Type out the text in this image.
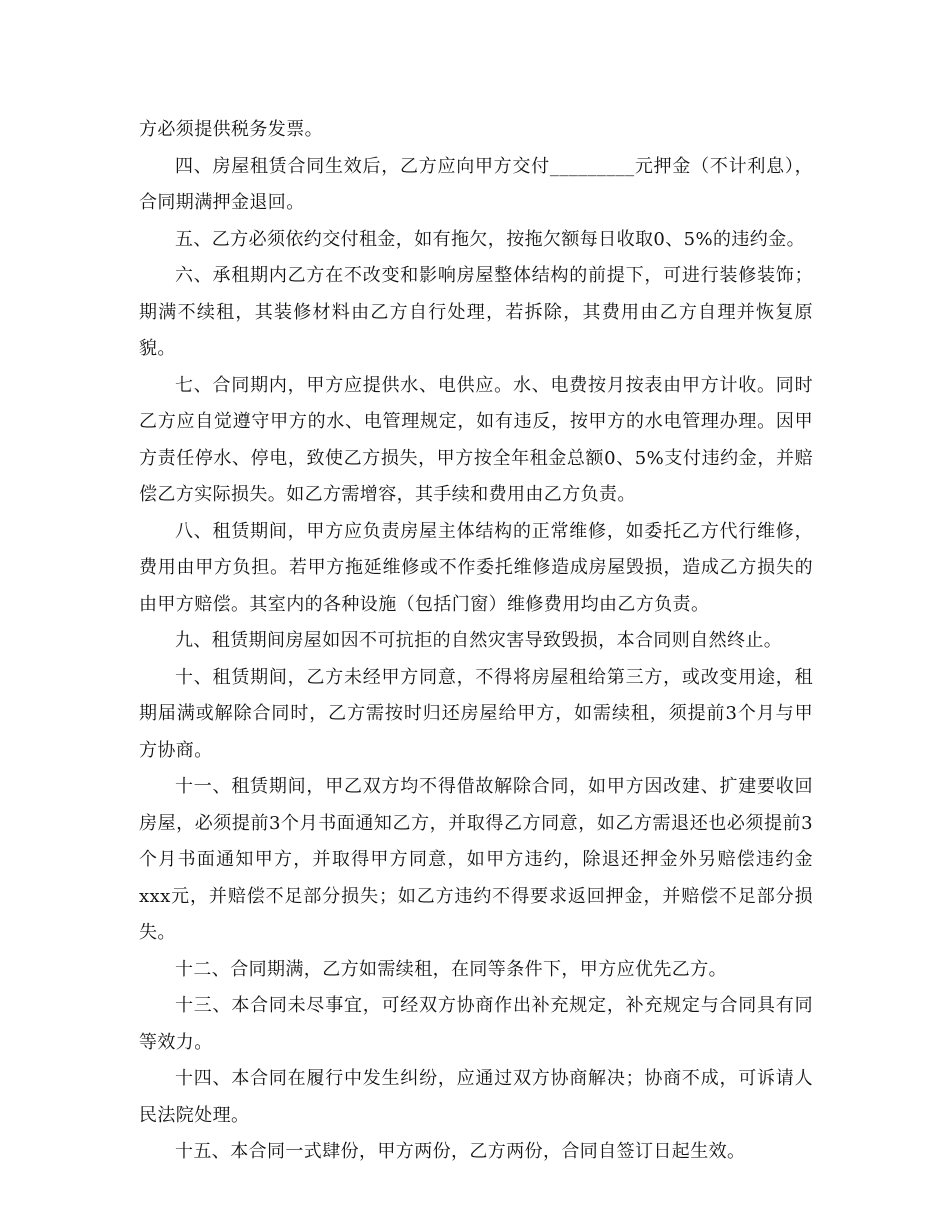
方必须提供税务发票。

四、房屋租赁合同生效后，乙方应向甲方交付_________元押金（不计利息），合同期满押金退回。

五、乙方必须依约交付租金，如有拖欠，按拖欠额每日收取0、5%的违约金。

六、承租期内乙方在不改变和影响房屋整体结构的前提下，可进行装修装饰；期满不续租，其装修材料由乙方自行处理，若拆除，其费用由乙方自理并恢复原貌。

七、合同期内，甲方应提供水、电供应。水、电费按月按表由甲方计收。同时乙方应自觉遵守甲方的水、电管理规定，如有违反，按甲方的水电管理办理。因甲方责任停水、停电，致使乙方损失，甲方按全年租金总额0、5%支付违约金，并赔偿乙方实际损失。如乙方需增容，其手续和费用由乙方负责。

八、租赁期间，甲方应负责房屋主体结构的正常维修，如委托乙方代行维修，费用由甲方负担。若甲方拖延维修或不作委托维修造成房屋毁损，造成乙方损失的由甲方赔偿。其室内的各种设施（包括门窗）维修费用均由乙方负责。

九、租赁期间房屋如因不可抗拒的自然灾害导致毁损，本合同则自然终止。

十、租赁期间，乙方未经甲方同意，不得将房屋租给第三方，或改变用途，租期届满或解除合同时，乙方需按时归还房屋给甲方，如需续租，须提前3个月与甲方协商。

十一、租赁期间，甲乙双方均不得借故解除合同，如甲方因改建、扩建要收回房屋，必须提前3个月书面通知乙方，并取得乙方同意，如乙方需退还也必须提前3个月书面通知甲方，并取得甲方同意，如甲方违约，除退还押金外另赔偿违约金xxx元，并赔偿不足部分损失；如乙方违约不得要求返回押金，并赔偿不足部分损失。

十二、合同期满，乙方如需续租，在同等条件下，甲方应优先乙方。

十三、本合同未尽事宜，可经双方协商作出补充规定，补充规定与合同具有同等效力。

十四、本合同在履行中发生纠纷，应通过双方协商解决；协商不成，可诉请人民法院处理。

十五、本合同一式肆份，甲方两份，乙方两份，合同自签订日起生效。
